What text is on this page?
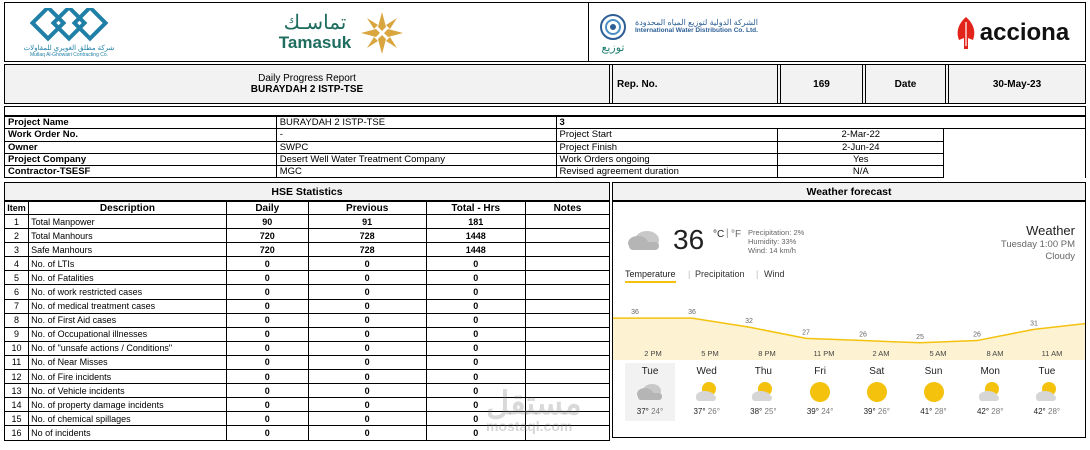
شركة مطلق الغويري للمقاولات
Mutlaq Al-Ghowairi Contracting Co.
تماسـك
Tamasuk	توزيع
الشركة الدولية لتوزيع المياه المحدودة
International Water Distribution Co. Ltd.	acciona
Daily Progress Report
BURAYDAH 2 ISTP-TSE	Rep. No.	169	Date	30-May-23
Project Name	BURAYDAH 2 ISTP-TSE	3		
Work Order No.	-	Project Start	2-Mar-22	
Owner	SWPC	Project Finish	2-Jun-24	
Project Company	Desert Well Water Treatment Company	Work Orders ongoing	Yes	
Contractor-TSESF	MGC	Revised agreement duration	N/A	
HSE Statistics
Item	Description	Daily	Previous	Total - Hrs	Notes
1	Total Manpower	90	91	181	
2	Total Manhours	720	728	1448	
3	Safe Manhours	720	728	1448	
4	No. of LTIs	0	0	0	
5	No. of Fatalities	0	0	0	
6	No. of work restricted cases	0	0	0	
7	No. of medical treatment cases	0	0	0	
8	No. of First Aid cases	0	0	0	
9	No. of Occupational illnesses	0	0	0	
10	No. of "unsafe actions / Conditions"	0	0	0	
11	No. of Near Misses	0	0	0	
12	No. of Fire incidents	0	0	0	
13	No. of Vehicle incidents	0	0	0	
14	No. of property damage incidents	0	0	0	
15	No. of chemical spillages	0	0	0	
16	No of incidents	0	0	0	
Weather forecast
36 °C | °F Precipitation: 2%
Humidity: 33%
Wind: 14 km/h
Weather
Tuesday 1:00 PM
Cloudy
Temperature | Precipitation | Wind
36	36
32
27	26	25	26
31
2 PM	5 PM	8 PM	11 PM	2 AM	5 AM	8 AM	11 AM
Tue
37° 24°
Wed
37° 26°
Thu
38° 25°
Fri
39° 24°
Sat
39° 26°
Sun
41° 28°
Mon
42° 28°
Tue
42° 28°
mostaql.com
مستقل
